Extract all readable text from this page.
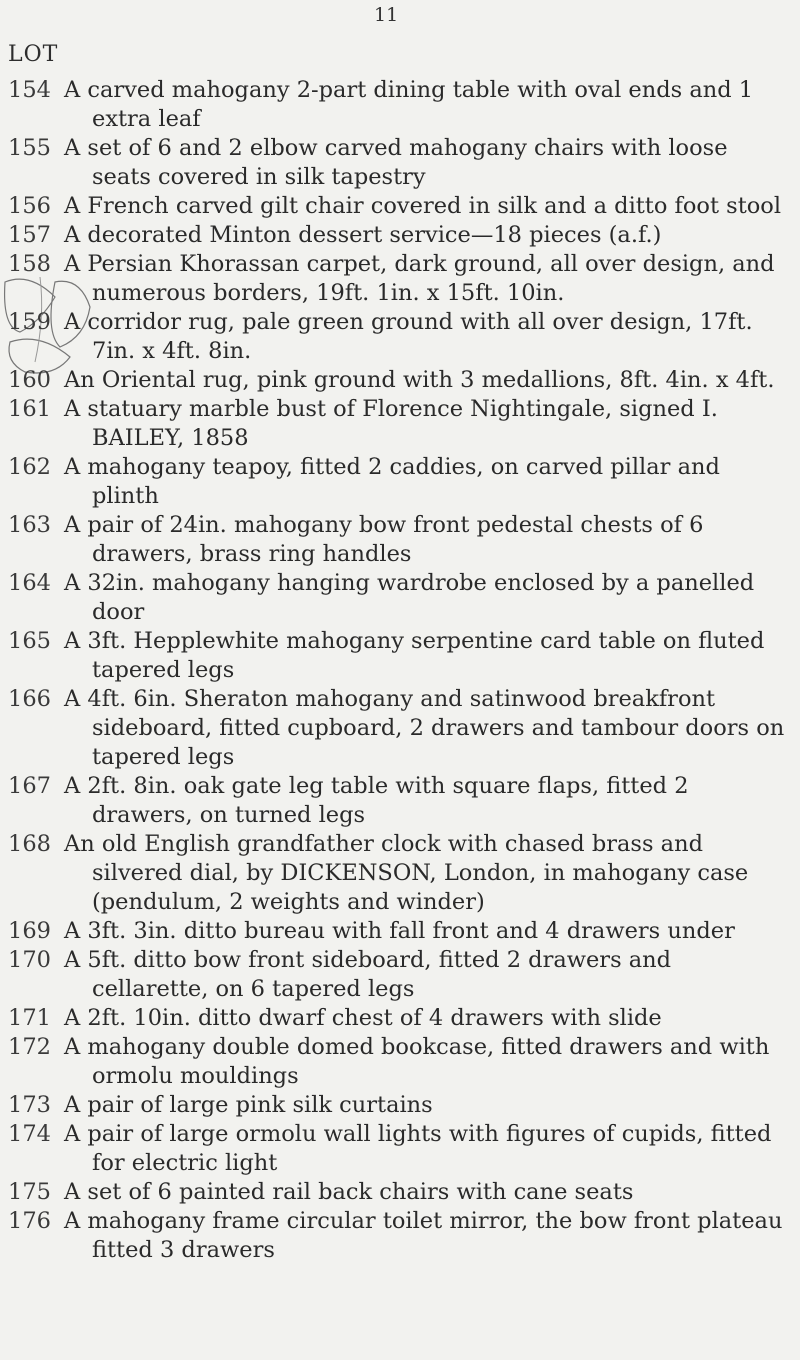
11
LOT
154 A carved mahogany 2-part dining table with oval ends and 1 extra leaf
155 A set of 6 and 2 elbow carved mahogany chairs with loose seats covered in silk tapestry
156 A French carved gilt chair covered in silk and a ditto foot stool
157 A decorated Minton dessert service—18 pieces (a.f.)
158 A Persian Khorassan carpet, dark ground, all over design, and numerous borders, 19ft. 1in. x 15ft. 10in.
159 A corridor rug, pale green ground with all over design, 17ft. 7in. x 4ft. 8in.
160 An Oriental rug, pink ground with 3 medallions, 8ft. 4in. x 4ft.
161 A statuary marble bust of Florence Nightingale, signed I. BAILEY, 1858
162 A mahogany teapoy, fitted 2 caddies, on carved pillar and plinth
163 A pair of 24in. mahogany bow front pedestal chests of 6 drawers, brass ring handles
164 A 32in. mahogany hanging wardrobe enclosed by a panelled door
165 A 3ft. Hepplewhite mahogany serpentine card table on fluted tapered legs
166 A 4ft. 6in. Sheraton mahogany and satinwood breakfront sideboard, fitted cupboard, 2 drawers and tambour doors on tapered legs
167 A 2ft. 8in. oak gate leg table with square flaps, fitted 2 drawers, on turned legs
168 An old English grandfather clock with chased brass and silvered dial, by DICKENSON, London, in mahogany case (pendulum, 2 weights and winder)
169 A 3ft. 3in. ditto bureau with fall front and 4 drawers under
170 A 5ft. ditto bow front sideboard, fitted 2 drawers and cellarette, on 6 tapered legs
171 A 2ft. 10in. ditto dwarf chest of 4 drawers with slide
172 A mahogany double domed bookcase, fitted drawers and with ormolu mouldings
173 A pair of large pink silk curtains
174 A pair of large ormolu wall lights with figures of cupids, fitted for electric light
175 A set of 6 painted rail back chairs with cane seats
176 A mahogany frame circular toilet mirror, the bow front plateau fitted 3 drawers
